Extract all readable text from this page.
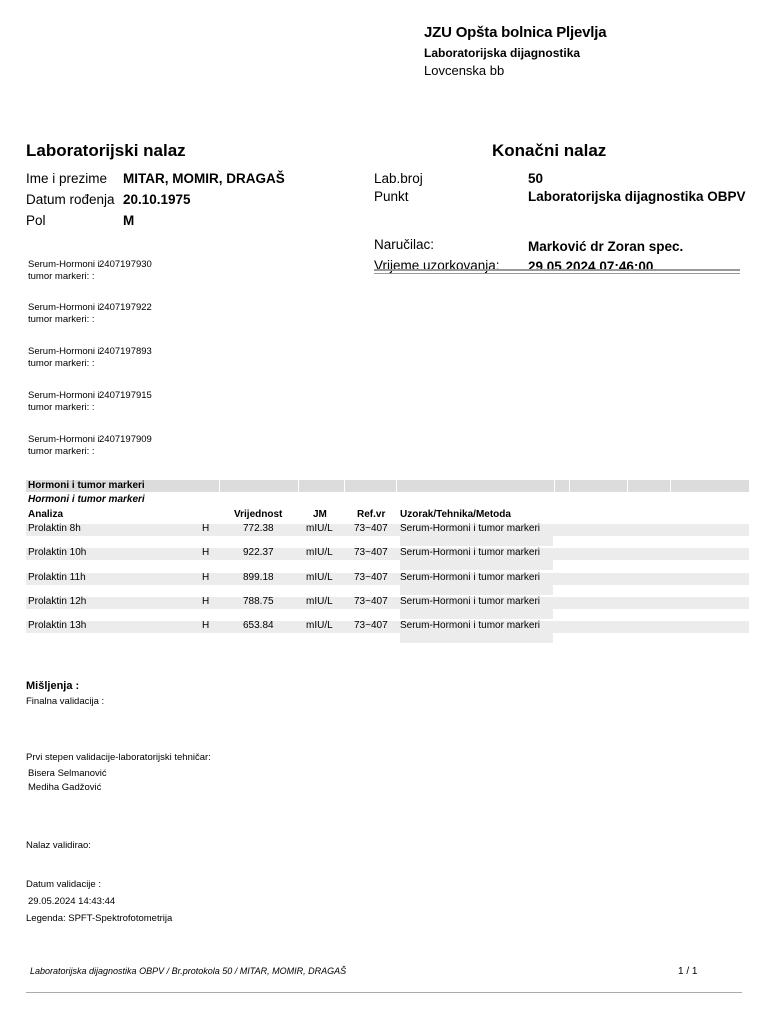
JZU Opšta bolnica Pljevlja
Laboratorijska dijagnostika
Lovcenska bb
Laboratorijski nalaz	Konačni nalaz
Ime i prezime MITAR, MOMIR, DRAGAŠ
Datum rođenja 20.10.1975
Pol	M
Lab.broj	50
Punkt	Laboratorijska dijagnostika OBPV
Naručilac:	Marković dr Zoran spec.
Vrijeme uzorkovanja: 29.05.2024 07:46:00
Serum-Hormoni i tumor markeri: :
2407197930
Serum-Hormoni i tumor markeri: :
2407197922
Serum-Hormoni i tumor markeri: :
2407197893
Serum-Hormoni i tumor markeri: :
2407197915
Serum-Hormoni i tumor markeri: :
2407197909
Hormoni i tumor markeri
Hormoni i tumor markeri
Analiza	Vrijednost	JM	Ref.vr Uzorak/Tehnika/Metoda
Prolaktin 8h	H	772.38	mIU/L 73~407 Serum-Hormoni i tumor markeri
Prolaktin 10h	H	922.37	mIU/L 73~407 Serum-Hormoni i tumor markeri
Prolaktin 11h	H	899.18	mIU/L 73~407 Serum-Hormoni i tumor markeri
Prolaktin 12h	H	788.75	mIU/L 73~407 Serum-Hormoni i tumor markeri
Prolaktin 13h	H	653.84	mIU/L 73~407 Serum-Hormoni i tumor markeri
Mišljenja :
Finalna validacija :
Prvi stepen validacije-laboratorijski tehničar:
Bisera Selmanović
Mediha Gadžović
Nalaz validirao:
Datum validacije :
29.05.2024 14:43:44
Legenda: SPFT-Spektrofotometrija
Laboratorijska dijagnostika OBPV / Br.protokola 50 / MITAR, MOMIR, DRAGAŠ	1 / 1
